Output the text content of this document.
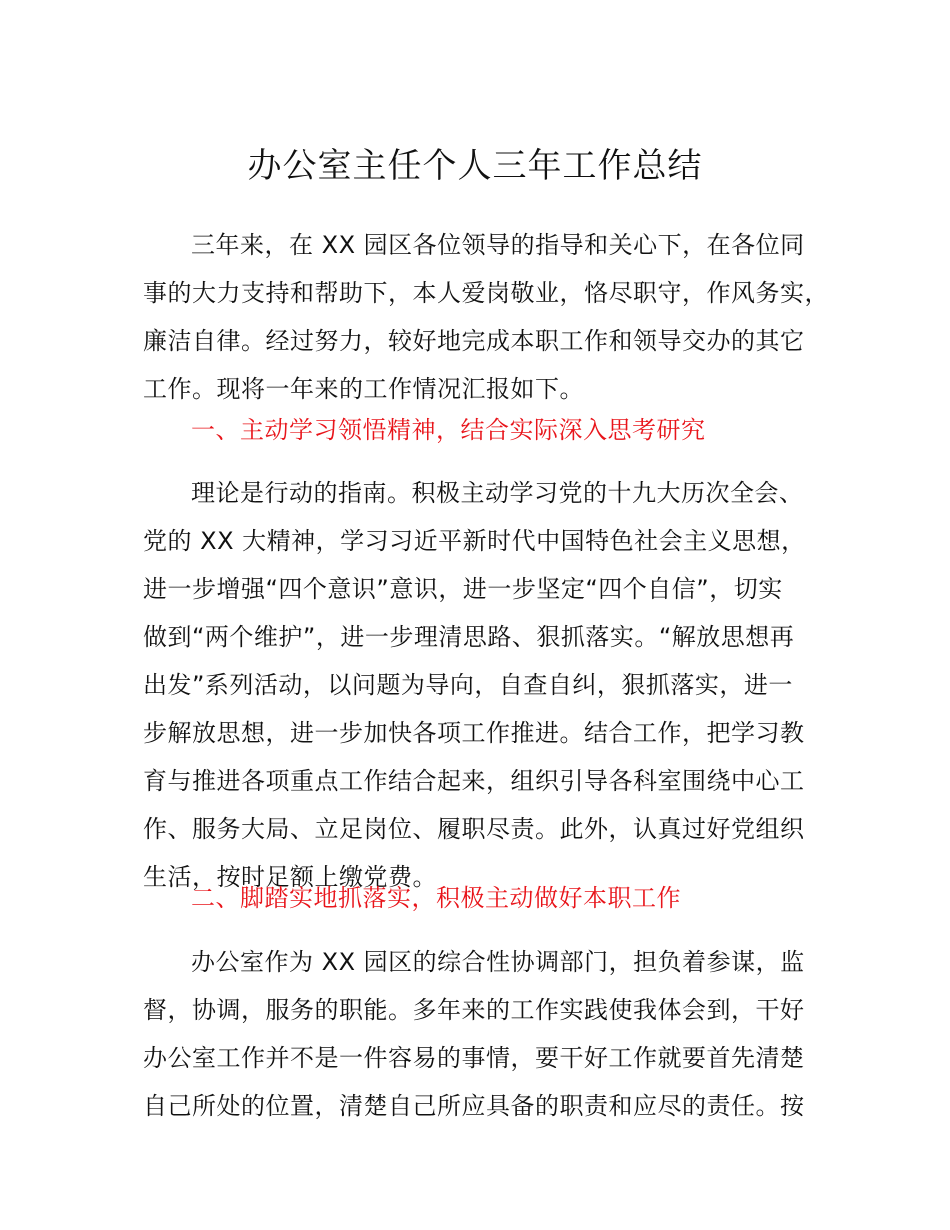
办公室主任个人三年工作总结
三年来，在 XX 园区各位领导的指导和关心下，在各位同
事的大力支持和帮助下，本人爱岗敬业，恪尽职守，作风务实，
廉洁自律。经过努力，较好地完成本职工作和领导交办的其它
工作。现将一年来的工作情况汇报如下。
一、主动学习领悟精神，结合实际深入思考研究
理论是行动的指南。积极主动学习党的十九大历次全会、
党的 XX 大精神，学习习近平新时代中国特色社会主义思想，
进一步增强“四个意识”意识，进一步坚定“四个自信”，切实
做到“两个维护”，进一步理清思路、狠抓落实。“解放思想再
出发”系列活动，以问题为导向，自查自纠，狠抓落实，进一
步解放思想，进一步加快各项工作推进。结合工作，把学习教
育与推进各项重点工作结合起来，组织引导各科室围绕中心工
作、服务大局、立足岗位、履职尽责。此外，认真过好党组织
生活，按时足额上缴党费。
二、脚踏实地抓落实，积极主动做好本职工作
办公室作为 XX 园区的综合性协调部门，担负着参谋，监
督，协调，服务的职能。多年来的工作实践使我体会到，干好
办公室工作并不是一件容易的事情，要干好工作就要首先清楚
自己所处的位置，清楚自己所应具备的职责和应尽的责任。按
